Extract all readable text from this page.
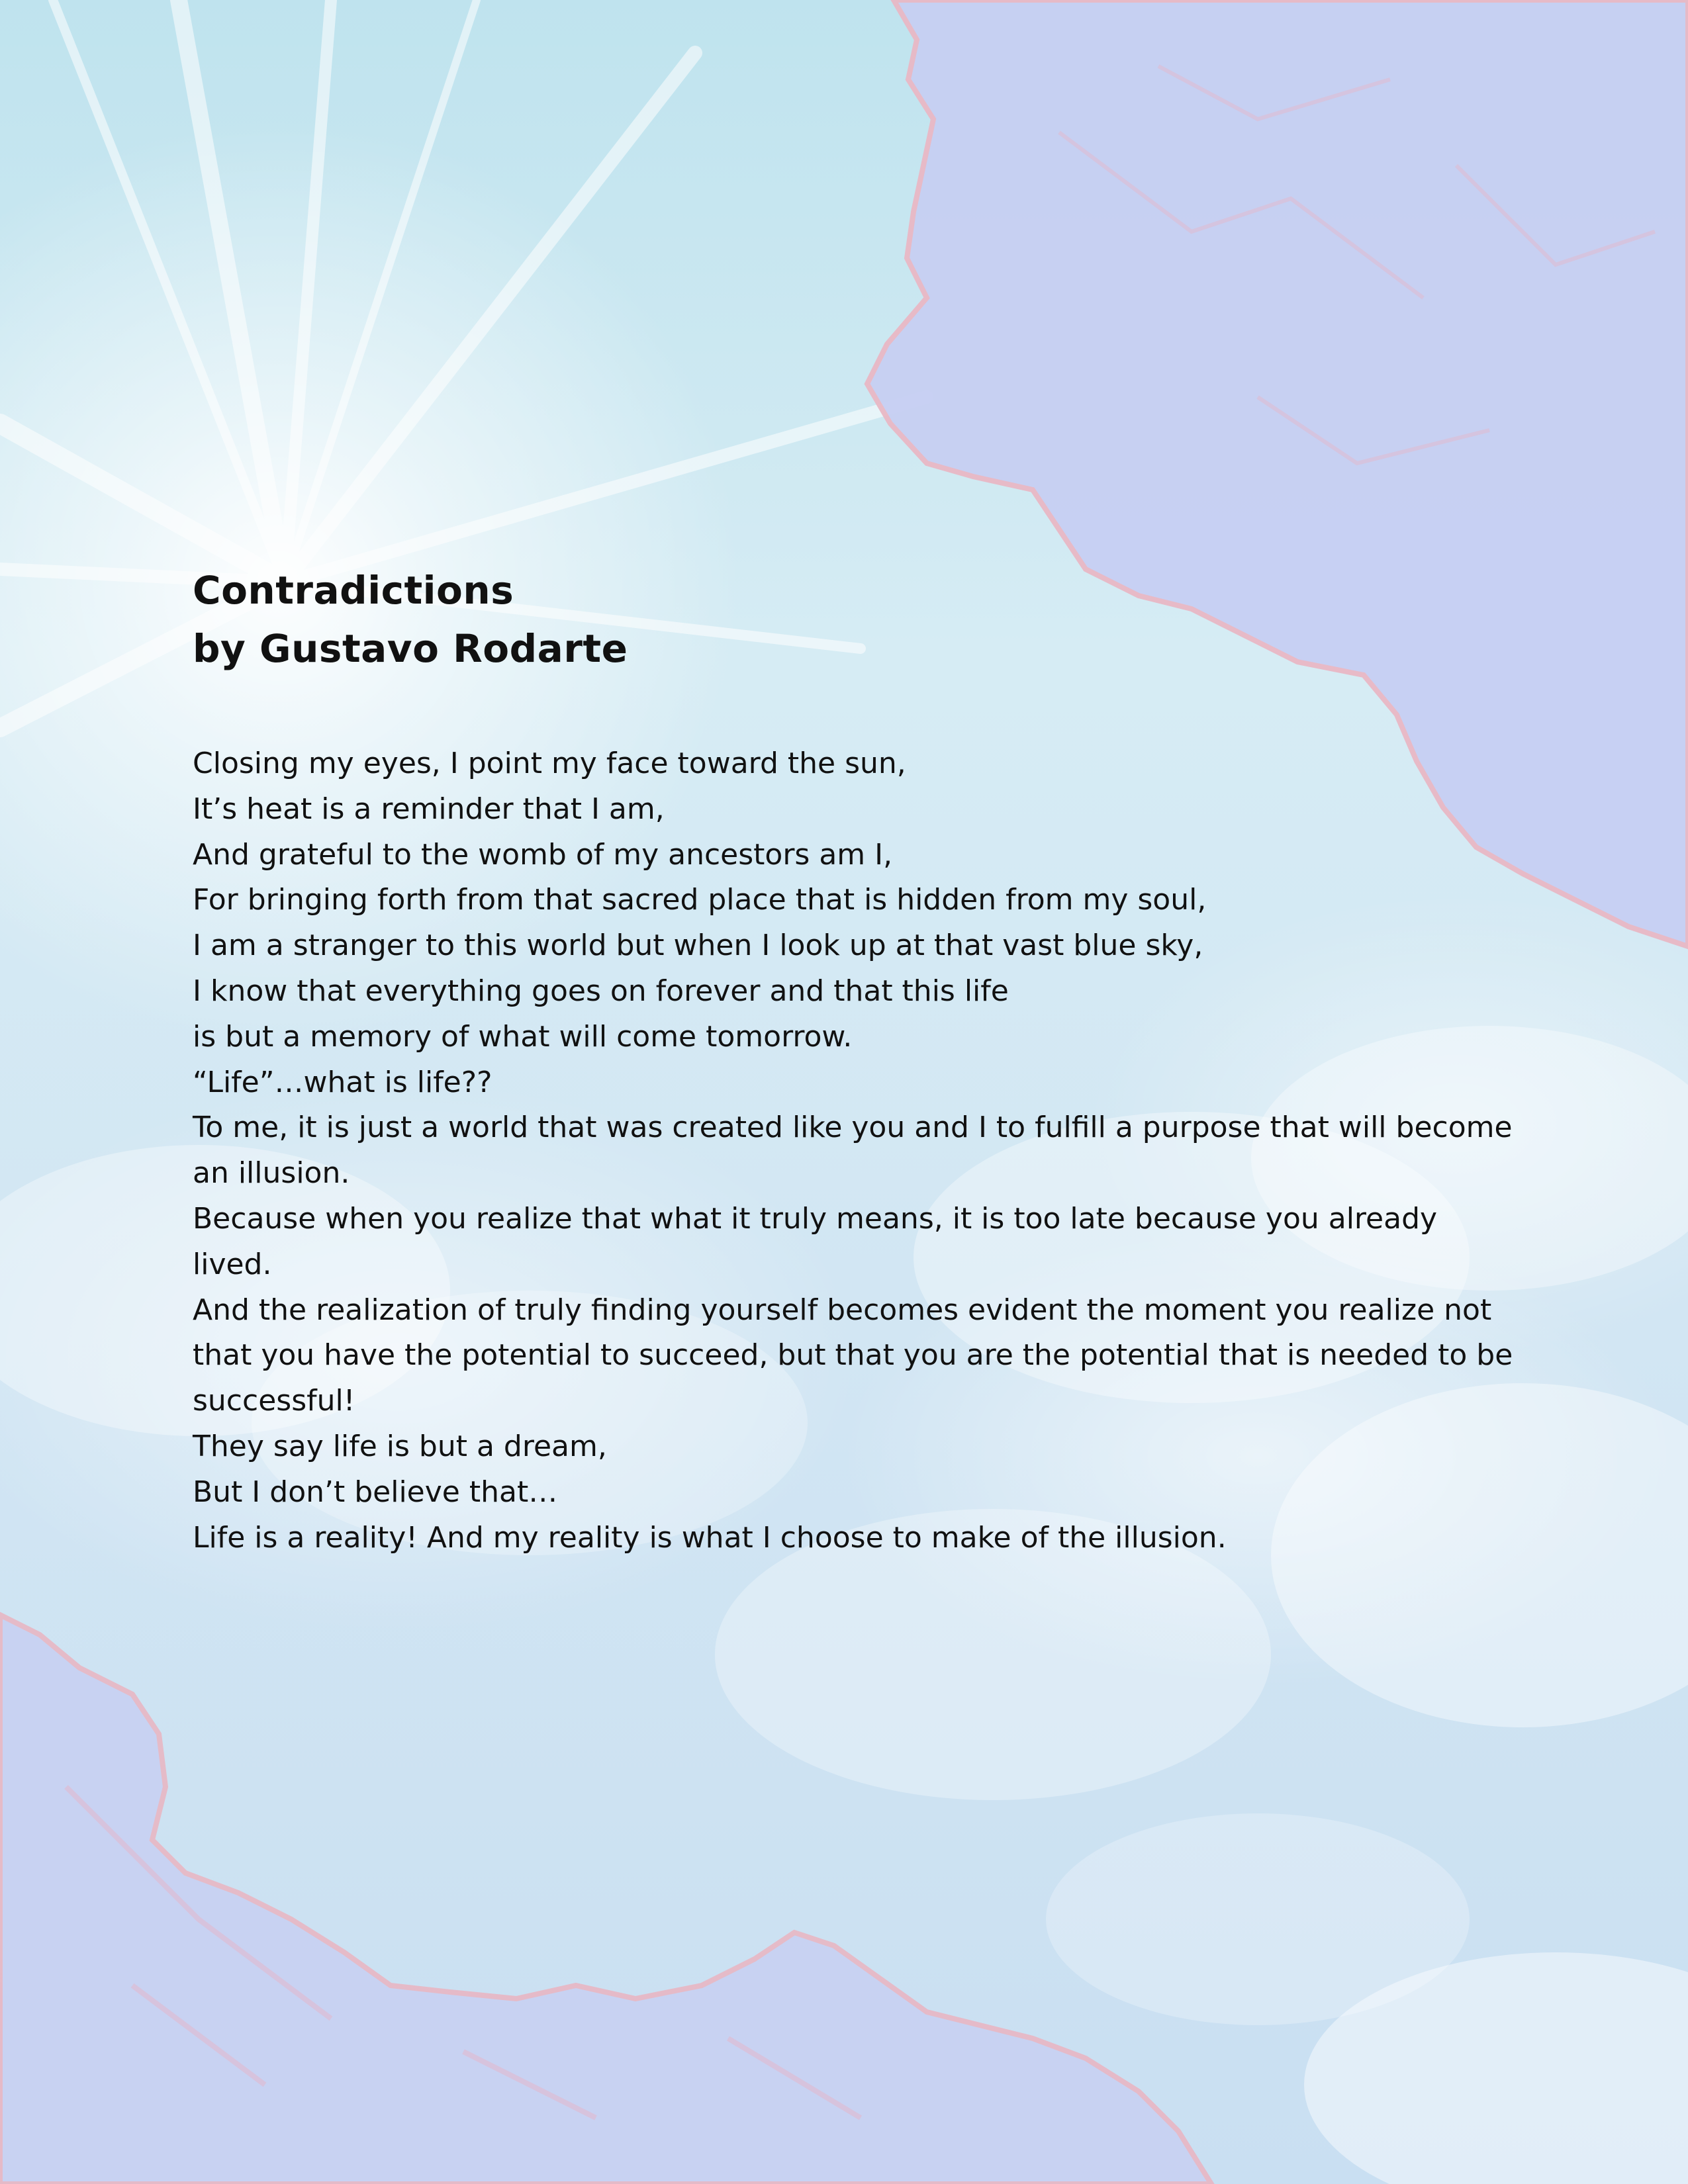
Contradictions
by Gustavo Rodarte
Closing my eyes, I point my face toward the sun,
It’s heat is a reminder that I am,
And grateful to the womb of my ancestors am I,
For bringing forth from that sacred place that is hidden from my soul,
I am a stranger to this world but when I look up at that vast blue sky,
I know that everything goes on forever and that this life
is but a memory of what will come tomorrow.
“Life”…what is life??
To me, it is just a world that was created like you and I to fulfill a purpose that will become an illusion.
Because when you realize that what it truly means, it is too late because you already lived.
And the realization of truly finding yourself becomes evident the moment you realize not that you have the potential to succeed, but that you are the potential that is needed to be successful!
They say life is but a dream,
But I don’t believe that…
Life is a reality! And my reality is what I choose to make of the illusion.
